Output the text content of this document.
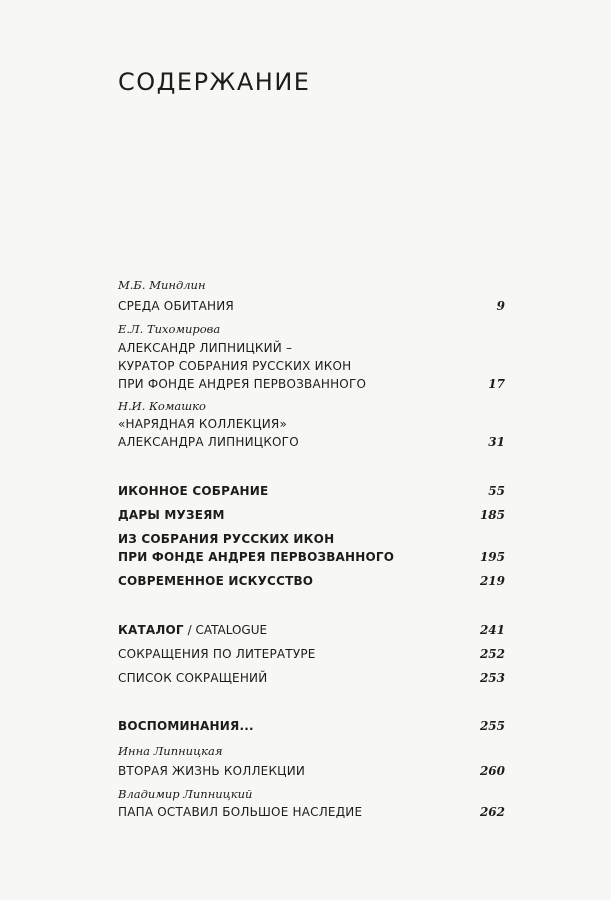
СОДЕРЖАНИЕ
М.Б. Миндлин
СРЕДА ОБИТАНИЯ	9
Е.Л. Тихомирова
АЛЕКСАНДР ЛИПНИЦКИЙ –
КУРАТОР СОБРАНИЯ РУССКИХ ИКОН
ПРИ ФОНДЕ АНДРЕЯ ПЕРВОЗВАННОГО	17
Н.И. Комашко
«НАРЯДНАЯ КОЛЛЕКЦИЯ»
АЛЕКСАНДРА ЛИПНИЦКОГО	31
ИКОННОЕ СОБРАНИЕ	55
ДАРЫ МУЗЕЯМ	185
ИЗ СОБРАНИЯ РУССКИХ ИКОН
ПРИ ФОНДЕ АНДРЕЯ ПЕРВОЗВАННОГО	195
СОВРЕМЕННОЕ ИСКУССТВО	219
КАТАЛОГ / CATALOGUE	241
СОКРАЩЕНИЯ ПО ЛИТЕРАТУРЕ	252
СПИСОК СОКРАЩЕНИЙ	253
ВОСПОМИНАНИЯ...	255
Инна Липницкая
ВТОРАЯ ЖИЗНЬ КОЛЛЕКЦИИ	260
Владимир Липницкий
ПАПА ОСТАВИЛ БОЛЬШОЕ НАСЛЕДИЕ	262
